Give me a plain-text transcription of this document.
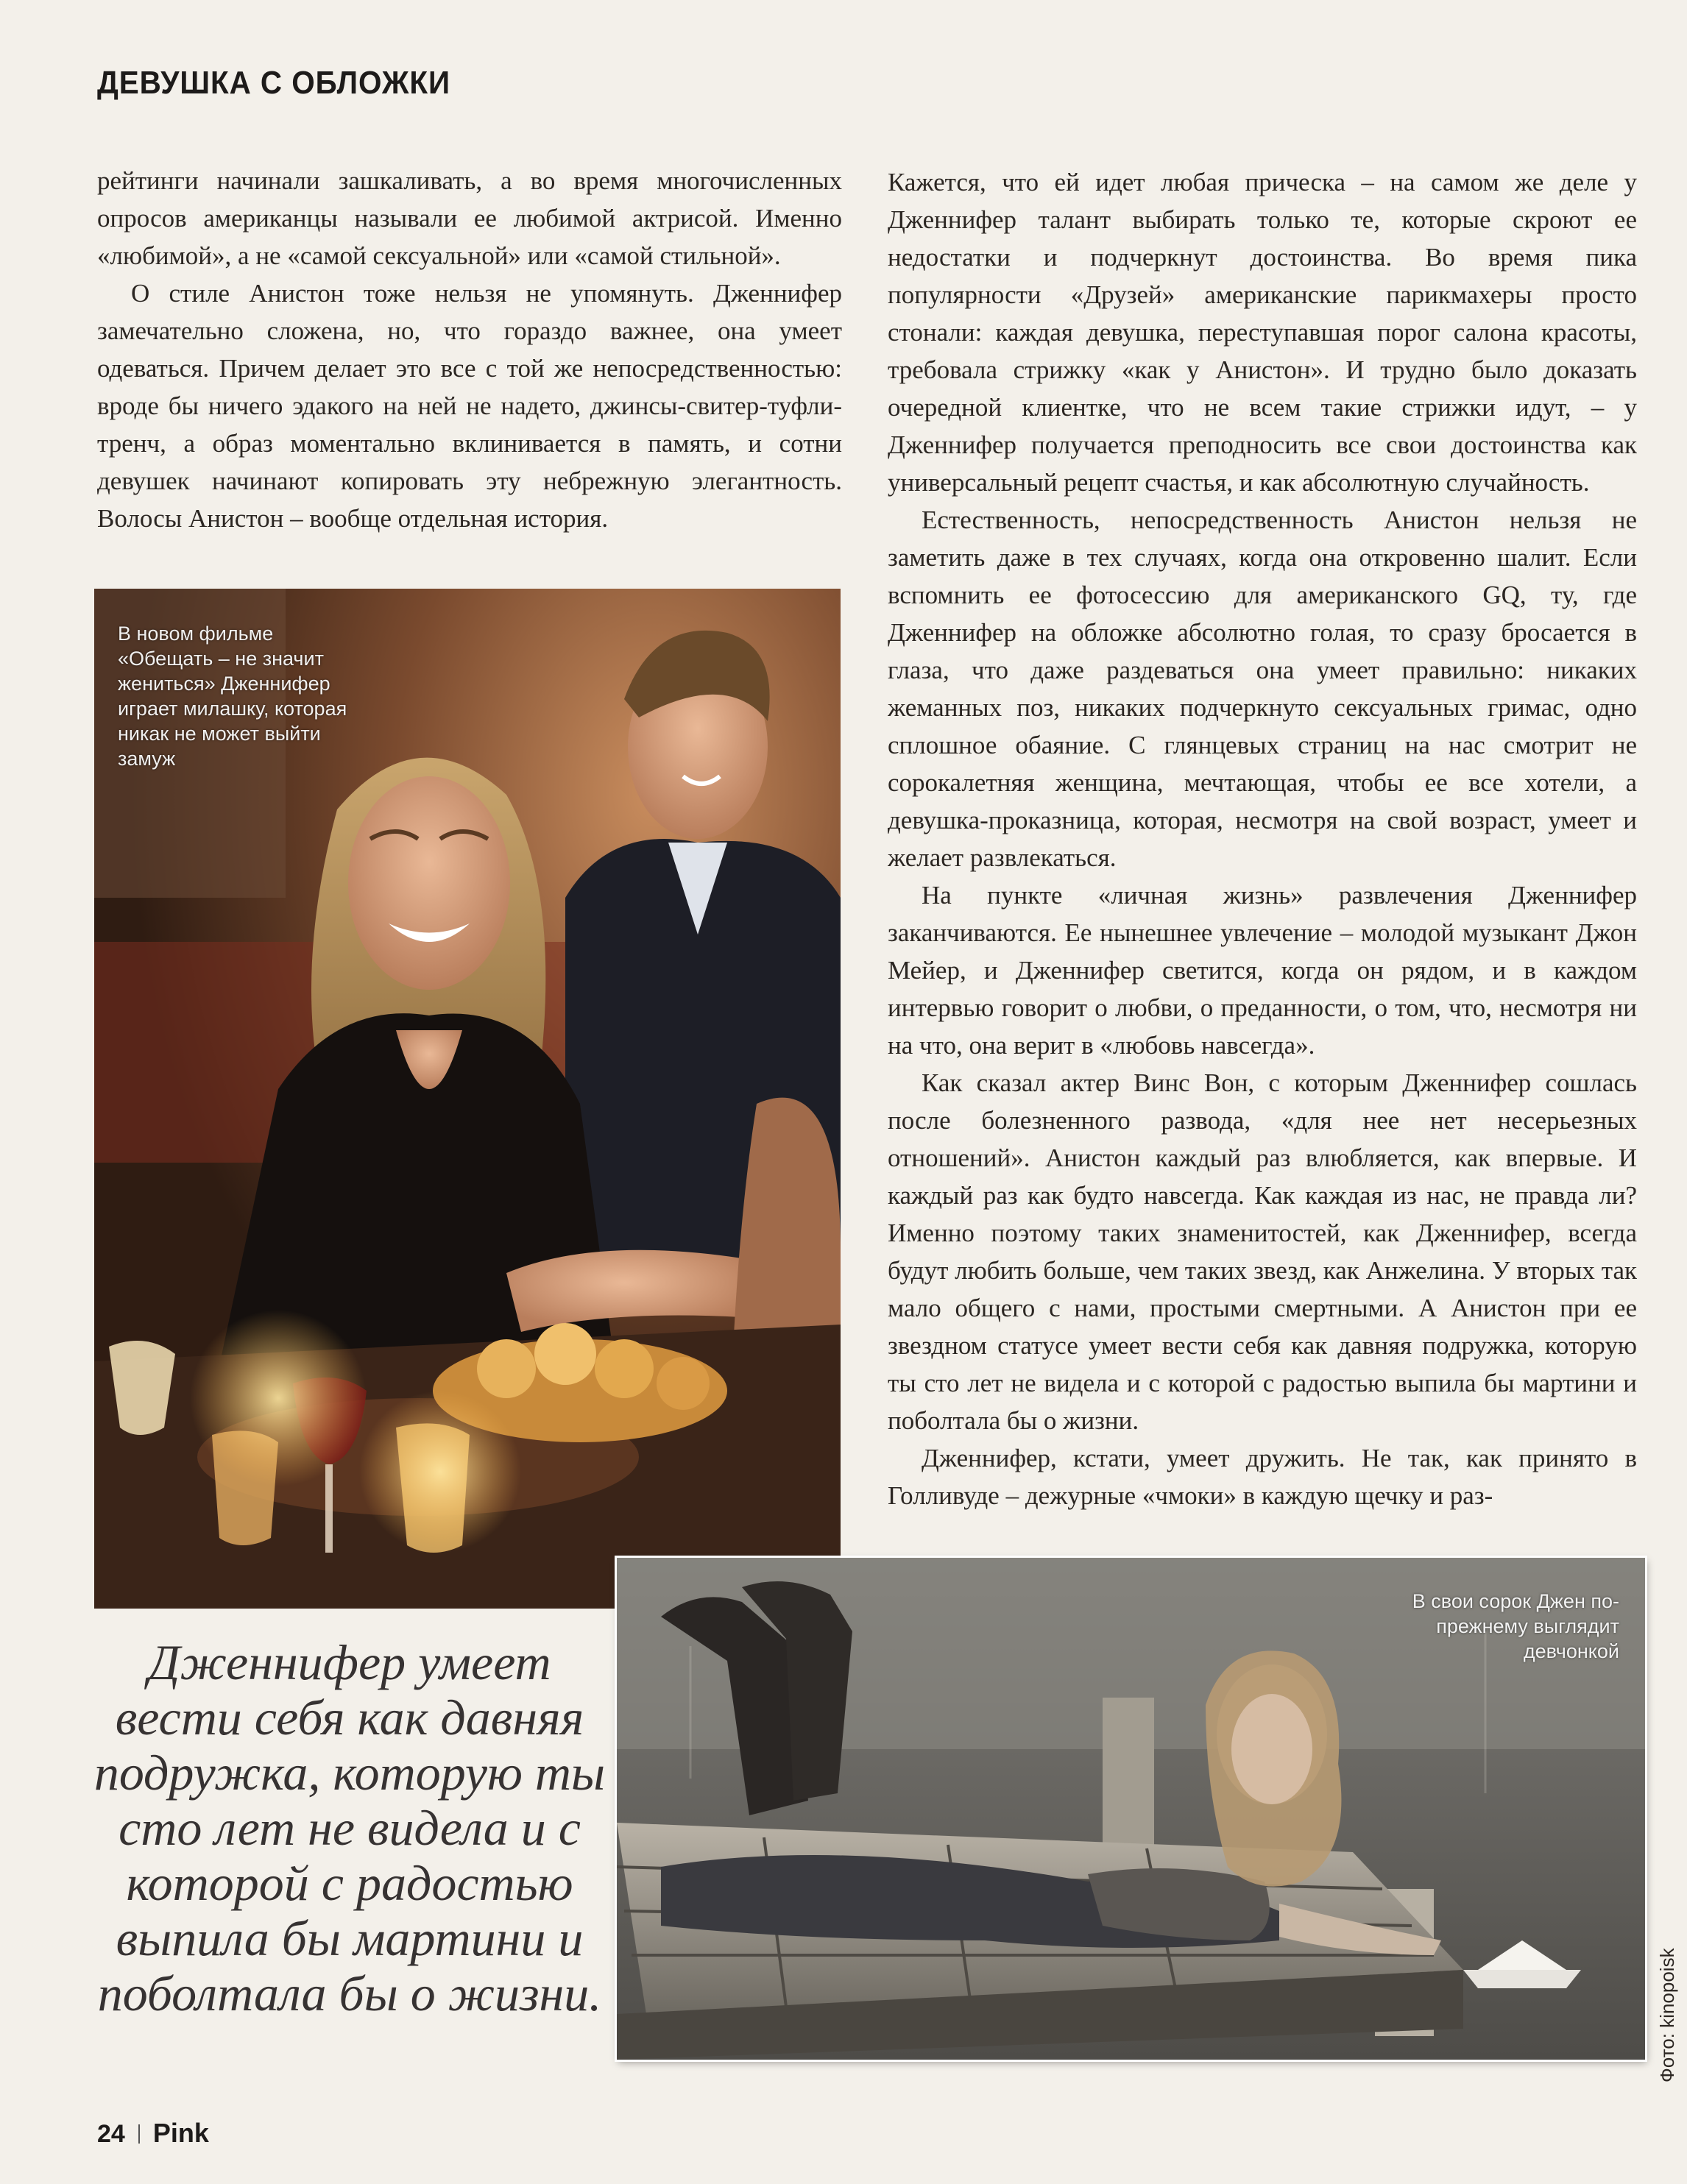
ДЕВУШКА С ОБЛОЖКИ

рейтинги начинали зашкаливать, а во время многочисленных опросов американцы называли ее любимой актрисой. Именно «любимой», а не «самой сексуальной» или «самой стильной».

О стиле Анистон тоже нельзя не упомянуть. Дженнифер замечательно сложена, но, что гораздо важнее, она умеет одеваться. Причем делает это все с той же непосредственностью: вроде бы ничего эдакого на ней не надето, джинсы-свитер-туфли-тренч, а образ моментально вклинивается в память, и сотни девушек начинают копировать эту небрежную элегантность. Волосы Анистон – вообще отдельная история.

Кажется, что ей идет любая прическа – на самом же деле у Дженнифер талант выбирать только те, которые скроют ее недостатки и подчеркнут достоинства. Во время пика популярности «Друзей» американские парикмахеры просто стонали: каждая девушка, переступавшая порог салона красоты, требовала стрижку «как у Анистон». И трудно было доказать очередной клиентке, что не всем такие стрижки идут, – у Дженнифер получается преподносить все свои достоинства как универсальный рецепт счастья, и как абсолютную случайность.

Естественность, непосредственность Анистон нельзя не заметить даже в тех случаях, когда она откровенно шалит. Если вспомнить ее фотосессию для американского GQ, ту, где Дженнифер на обложке абсолютно голая, то сразу бросается в глаза, что даже раздеваться она умеет правильно: никаких жеманных поз, никаких подчеркнуто сексуальных гримас, одно сплошное обаяние. С глянцевых страниц на нас смотрит не сорокалетняя женщина, мечтающая, чтобы ее все хотели, а девушка-проказница, которая, несмотря на свой возраст, умеет и желает развлекаться.

На пункте «личная жизнь» развлечения Дженнифер заканчиваются. Ее нынешнее увлечение – молодой музыкант Джон Мейер, и Дженнифер светится, когда он рядом, и в каждом интервью говорит о любви, о преданности, о том, что, несмотря ни на что, она верит в «любовь навсегда».

Как сказал актер Винс Вон, с которым Дженнифер сошлась после болезненного развода, «для нее нет несерьезных отношений». Анистон каждый раз влюбляется, как впервые. И каждый раз как будто навсегда. Как каждая из нас, не правда ли? Именно поэтому таких знаменитостей, как Дженнифер, всегда будут любить больше, чем таких звезд, как Анжелина. У вторых так мало общего с нами, простыми смертными. А Анистон при ее звездном статусе умеет вести себя как давняя подружка, которую ты сто лет не видела и с которой с радостью выпила бы мартини и поболтала бы о жизни.

Дженнифер, кстати, умеет дружить. Не так, как принято в Голливуде – дежурные «чмоки» в каждую щечку и раз-

В новом фильме «Обещать – не значит жениться» Дженнифер играет милашку, которая никак не может выйти замуж
В свои сорок Джен по-прежнему выглядит девчонкой
Дженнифер умеет вести себя как давняя подружка, которую ты сто лет не видела и с которой с радостью выпила бы мартини и поболтала бы о жизни.	Фото: kinopoisk
24 Pink
